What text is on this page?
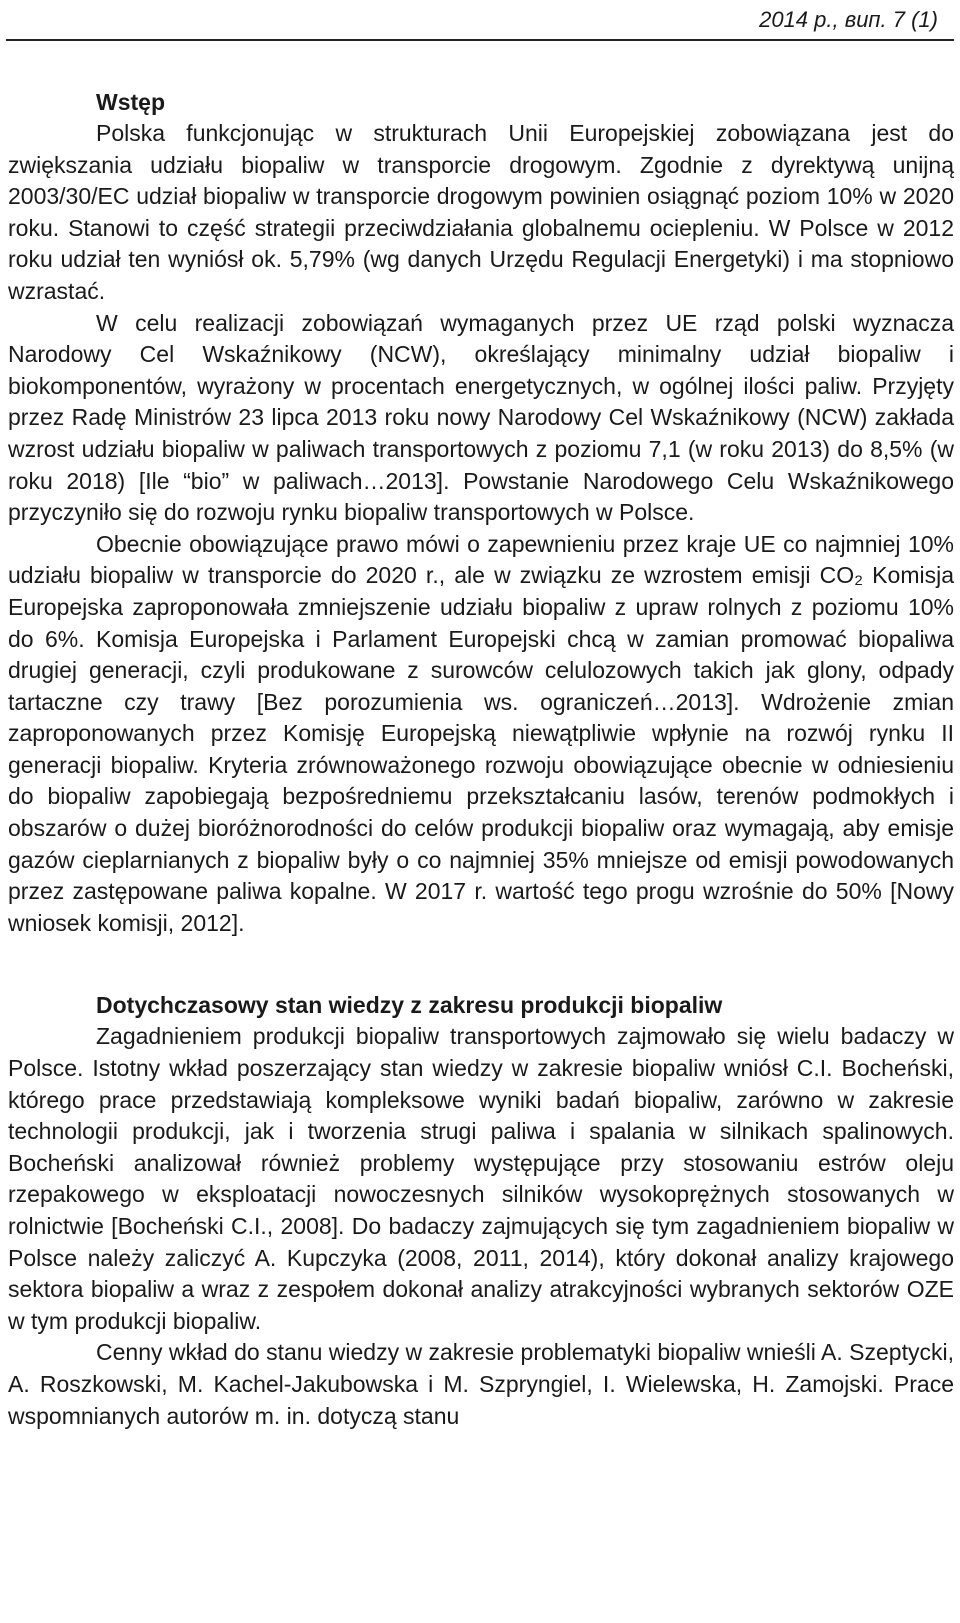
2014 р., вип. 7 (1)
Wstęp

Polska funkcjonując w strukturach Unii Europejskiej zobowiązana jest do zwiększania udziału biopaliw w transporcie drogowym. Zgodnie z dyrektywą unijną 2003/30/EC udział biopaliw w transporcie drogowym powinien osiągnąć poziom 10% w 2020 roku. Stanowi to część strategii przeciwdziałania globalnemu ociepleniu. W Polsce w 2012 roku udział ten wyniósł ok. 5,79% (wg danych Urzędu Regulacji Energetyki) i ma stopniowo wzrastać.

W celu realizacji zobowiązań wymaganych przez UE rząd polski wyznacza Narodowy Cel Wskaźnikowy (NCW), określający minimalny udział biopaliw i biokomponentów, wyrażony w procentach energetycznych, w ogólnej ilości paliw. Przyjęty przez Radę Ministrów 23 lipca 2013 roku nowy Narodowy Cel Wskaźnikowy (NCW) zakłada wzrost udziału biopaliw w paliwach transportowych z poziomu 7,1 (w roku 2013) do 8,5% (w roku 2018) [Ile “bio” w paliwach…2013]. Powstanie Narodowego Celu Wskaźnikowego przyczyniło się do rozwoju rynku biopaliw transportowych w Polsce.

Obecnie obowiązujące prawo mówi o zapewnieniu przez kraje UE co najmniej 10% udziału biopaliw w transporcie do 2020 r., ale w związku ze wzrostem emisji CO₂ Komisja Europejska zaproponowała zmniejszenie udziału biopaliw z upraw rolnych z poziomu 10% do 6%. Komisja Europejska i Parlament Europejski chcą w zamian promować biopaliwa drugiej generacji, czyli produkowane z surowców celulozowych takich jak glony, odpady tartaczne czy trawy [Bez porozumienia ws. ograniczeń…2013]. Wdrożenie zmian zaproponowanych przez Komisję Europejską niewątpliwie wpłynie na rozwój rynku II generacji biopaliw. Kryteria zrównoważonego rozwoju obowiązujące obecnie w odniesieniu do biopaliw zapobiegają bezpośredniemu przekształcaniu lasów, terenów podmokłych i obszarów o dużej bioróżnorodności do celów produkcji biopaliw oraz wymagają, aby emisje gazów cieplarnianych z biopaliw były o co najmniej 35% mniejsze od emisji powodowanych przez zastępowane paliwa kopalne. W 2017 r. wartość tego progu wzrośnie do 50% [Nowy wniosek komisji, 2012].

Dotychczasowy stan wiedzy z zakresu produkcji biopaliw

Zagadnieniem produkcji biopaliw transportowych zajmowało się wielu badaczy w Polsce. Istotny wkład poszerzający stan wiedzy w zakresie biopaliw wniósł C.I. Bocheński, którego prace przedstawiają kompleksowe wyniki badań biopaliw, zarówno w zakresie technologii produkcji, jak i tworzenia strugi paliwa i spalania w silnikach spalinowych. Bocheński analizował również problemy występujące przy stosowaniu estrów oleju rzepakowego w eksploatacji nowoczesnych silników wysokoprężnych stosowanych w rolnictwie [Bocheński C.I., 2008]. Do badaczy zajmujących się tym zagadnieniem biopaliw w Polsce należy zaliczyć A. Kupczyka (2008, 2011, 2014), który dokonał analizy krajowego sektora biopaliw a wraz z zespołem dokonał analizy atrakcyjności wybranych sektorów OZE w tym produkcji biopaliw.

Cenny wkład do stanu wiedzy w zakresie problematyki biopaliw wnieśli A. Szeptycki, A. Roszkowski, M. Kachel-Jakubowska i M. Szpryngiel, I. Wielewska, H. Zamojski. Prace wspomnianych autorów m. in. dotyczą stanu
